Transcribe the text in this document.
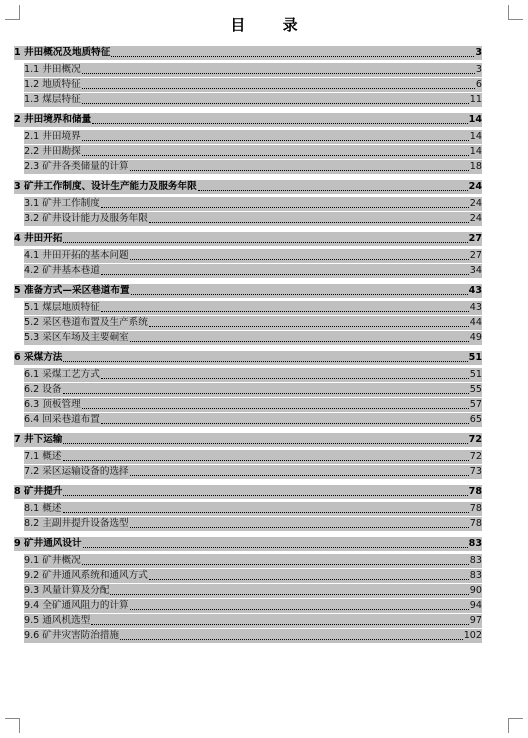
目 录
1 井田概况及地质特征	3
1.1 井田概况	3
1.2 地质特征	6
1.3 煤层特征	11
2 井田境界和储量	14
2.1 井田境界	14
2.2 井田勘探	14
2.3 矿井各类储量的计算	18
3 矿井工作制度、设计生产能力及服务年限	24
3.1 矿井工作制度	24
3.2 矿井设计能力及服务年限	24
4 井田开拓	27
4.1 井田开拓的基本问题	27
4.2 矿井基本巷道	34
5 准备方式—采区巷道布置	43
5.1 煤层地质特征	43
5.2 采区巷道布置及生产系统	44
5.3 采区车场及主要硐室	49
6 采煤方法	51
6.1 采煤工艺方式	51
6.2 设备	55
6.3 顶板管理	57
6.4 回采巷道布置	65
7 井下运输	72
7.1 概述	72
7.2 采区运输设备的选择	73
8 矿井提升	78
8.1 概述	78
8.2 主副井提升设备选型	78
9 矿井通风设计	83
9.1 矿井概况	83
9.2 矿井通风系统和通风方式	83
9.3 风量计算及分配	90
9.4 全矿通风阻力的计算	94
9.5 通风机选型	97
9.6 矿井灾害防治措施	102
